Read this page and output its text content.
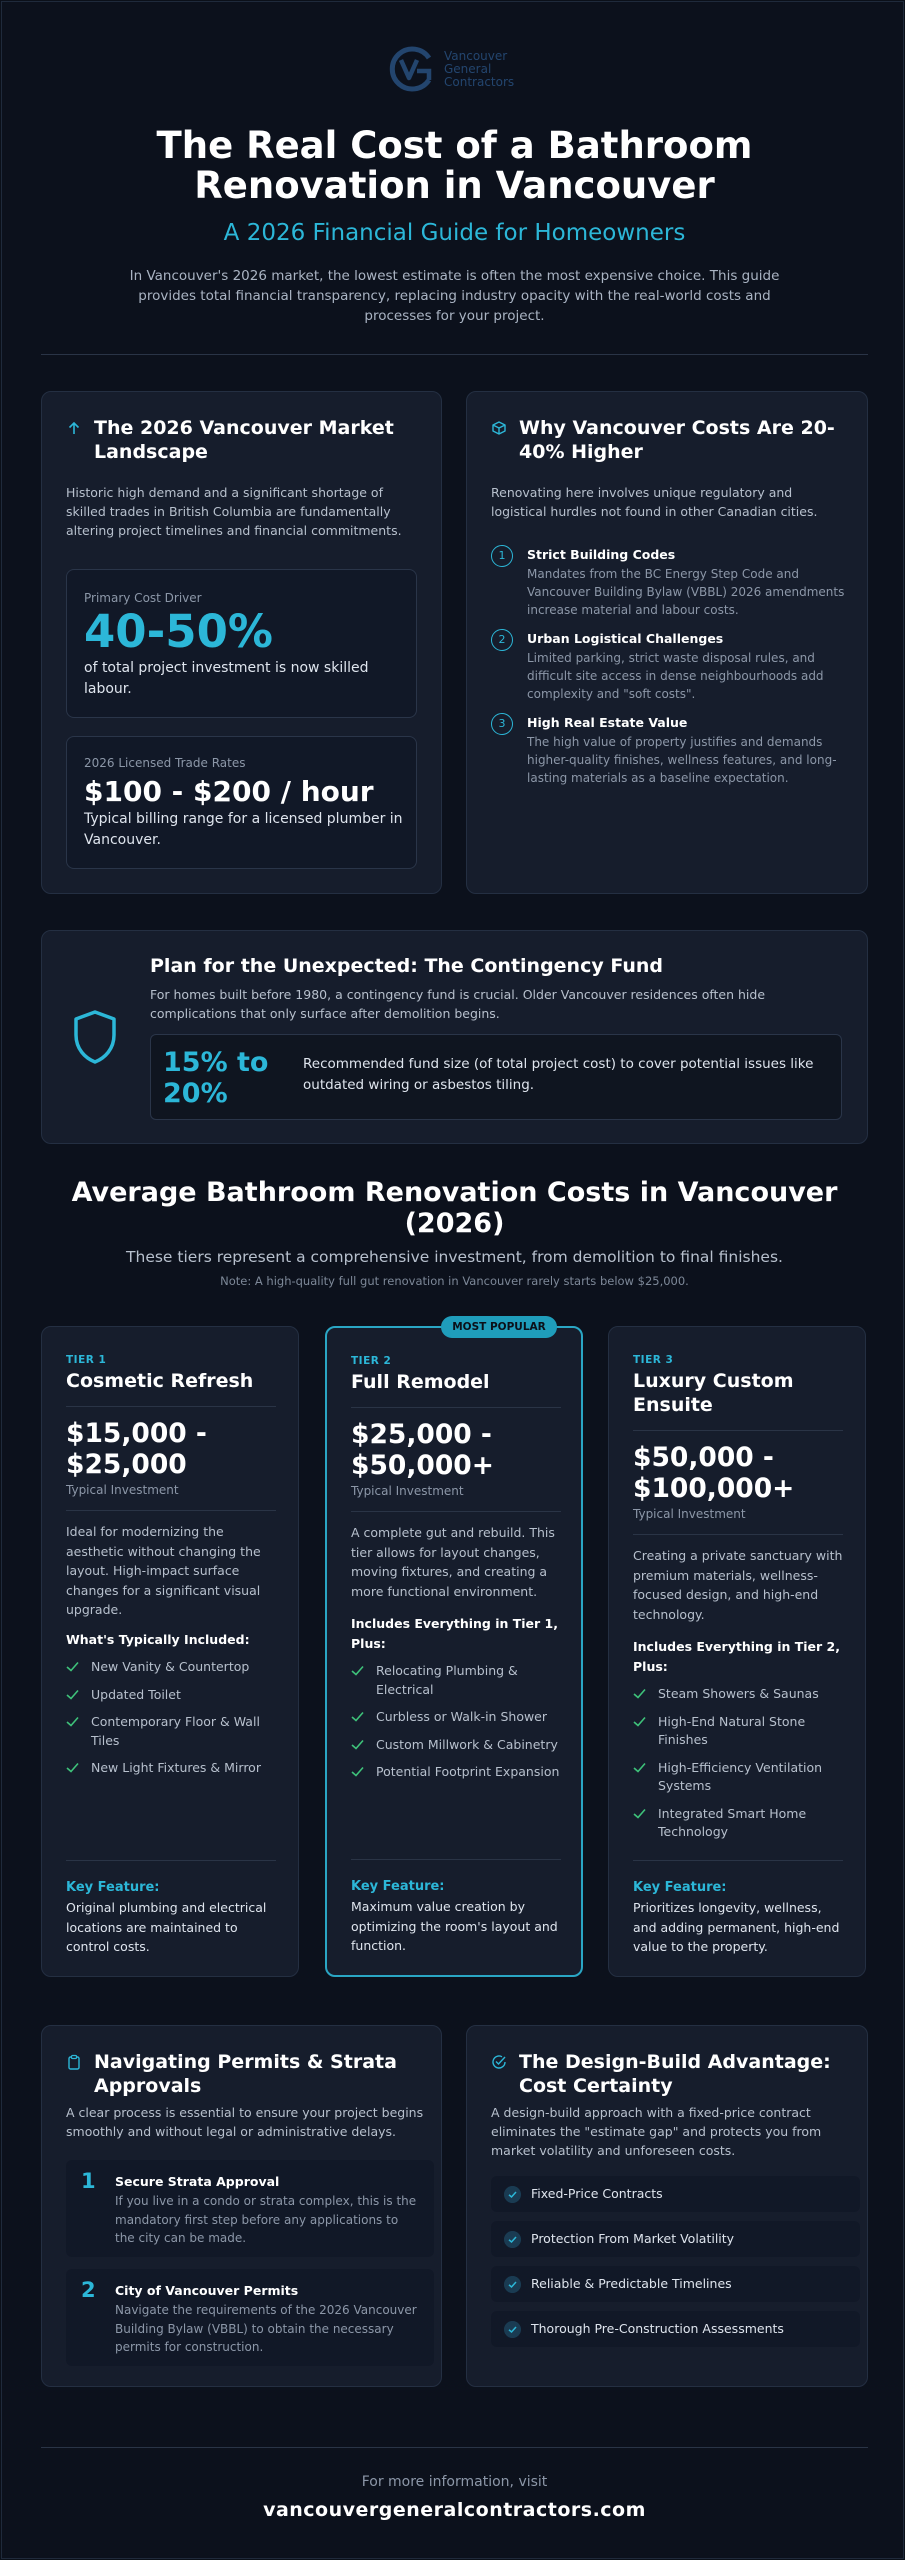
Vancouver
General
Contractors
The Real Cost of a Bathroom Renovation in Vancouver
A 2026 Financial Guide for Homeowners

In Vancouver's 2026 market, the lowest estimate is often the most expensive choice. This guide provides total financial transparency, replacing industry opacity with the real-world costs and processes for your project.

The 2026 Vancouver Market Landscape

Historic high demand and a significant shortage of skilled trades in British Columbia are fundamentally altering project timelines and financial commitments.

Primary Cost Driver
40-50%
of total project investment is now skilled labour.
2026 Licensed Trade Rates
$100 - $200 / hour
Typical billing range for a licensed plumber in Vancouver.
Why Vancouver Costs Are 20-40% Higher

Renovating here involves unique regulatory and logistical hurdles not found in other Canadian cities.

1	Strict Building Codes
Mandates from the BC Energy Step Code and Vancouver Building Bylaw (VBBL) 2026 amendments increase material and labour costs.
2	Urban Logistical Challenges
Limited parking, strict waste disposal rules, and difficult site access in dense neighbourhoods add complexity and "soft costs".
3	High Real Estate Value
The high value of property justifies and demands higher-quality finishes, wellness features, and long-lasting materials as a baseline expectation.
Plan for the Unexpected: The Contingency Fund

For homes built before 1980, a contingency fund is crucial. Older Vancouver residences often hide complications that only surface after demolition begins.

15% to 20%
Recommended fund size (of total project cost) to cover potential issues like outdated wiring or asbestos tiling.
Average Bathroom Renovation Costs in Vancouver (2026)
These tiers represent a comprehensive investment, from demolition to final finishes.
Note: A high-quality full gut renovation in Vancouver rarely starts below $25,000.
TIER 1
Cosmetic Refresh
$15,000 - $25,000
Typical Investment
Ideal for modernizing the aesthetic without changing the layout. High-impact surface changes for a significant visual upgrade.
What's Typically Included:
New Vanity & Countertop
Updated Toilet
Contemporary Floor & Wall Tiles
New Light Fixtures & Mirror
Key Feature:
Original plumbing and electrical locations are maintained to control costs.
MOST POPULAR
TIER 2
Full Remodel
$25,000 - $50,000+
Typical Investment
A complete gut and rebuild. This tier allows for layout changes, moving fixtures, and creating a more functional environment.
Includes Everything in Tier 1, Plus:
Relocating Plumbing & Electrical
Curbless or Walk-in Shower
Custom Millwork & Cabinetry
Potential Footprint Expansion
Key Feature:
Maximum value creation by optimizing the room's layout and function.
TIER 3
Luxury Custom Ensuite
$50,000 - $100,000+
Typical Investment
Creating a private sanctuary with premium materials, wellness-focused design, and high-end technology.
Includes Everything in Tier 2, Plus:
Steam Showers & Saunas
High-End Natural Stone Finishes
High-Efficiency Ventilation Systems
Integrated Smart Home Technology
Key Feature:
Prioritizes longevity, wellness, and adding permanent, high-end value to the property.
Navigating Permits & Strata Approvals

A clear process is essential to ensure your project begins smoothly and without legal or administrative delays.

1 Secure Strata Approval
If you live in a condo or strata complex, this is the mandatory first step before any applications to the city can be made.
2 City of Vancouver Permits
Navigate the requirements of the 2026 Vancouver Building Bylaw (VBBL) to obtain the necessary permits for construction.
The Design-Build Advantage: Cost Certainty

A design-build approach with a fixed-price contract eliminates the "estimate gap" and protects you from market volatility and unforeseen costs.

Fixed-Price Contracts
Protection From Market Volatility
Reliable & Predictable Timelines
Thorough Pre-Construction Assessments
For more information, visit
vancouvergeneralcontractors.com
